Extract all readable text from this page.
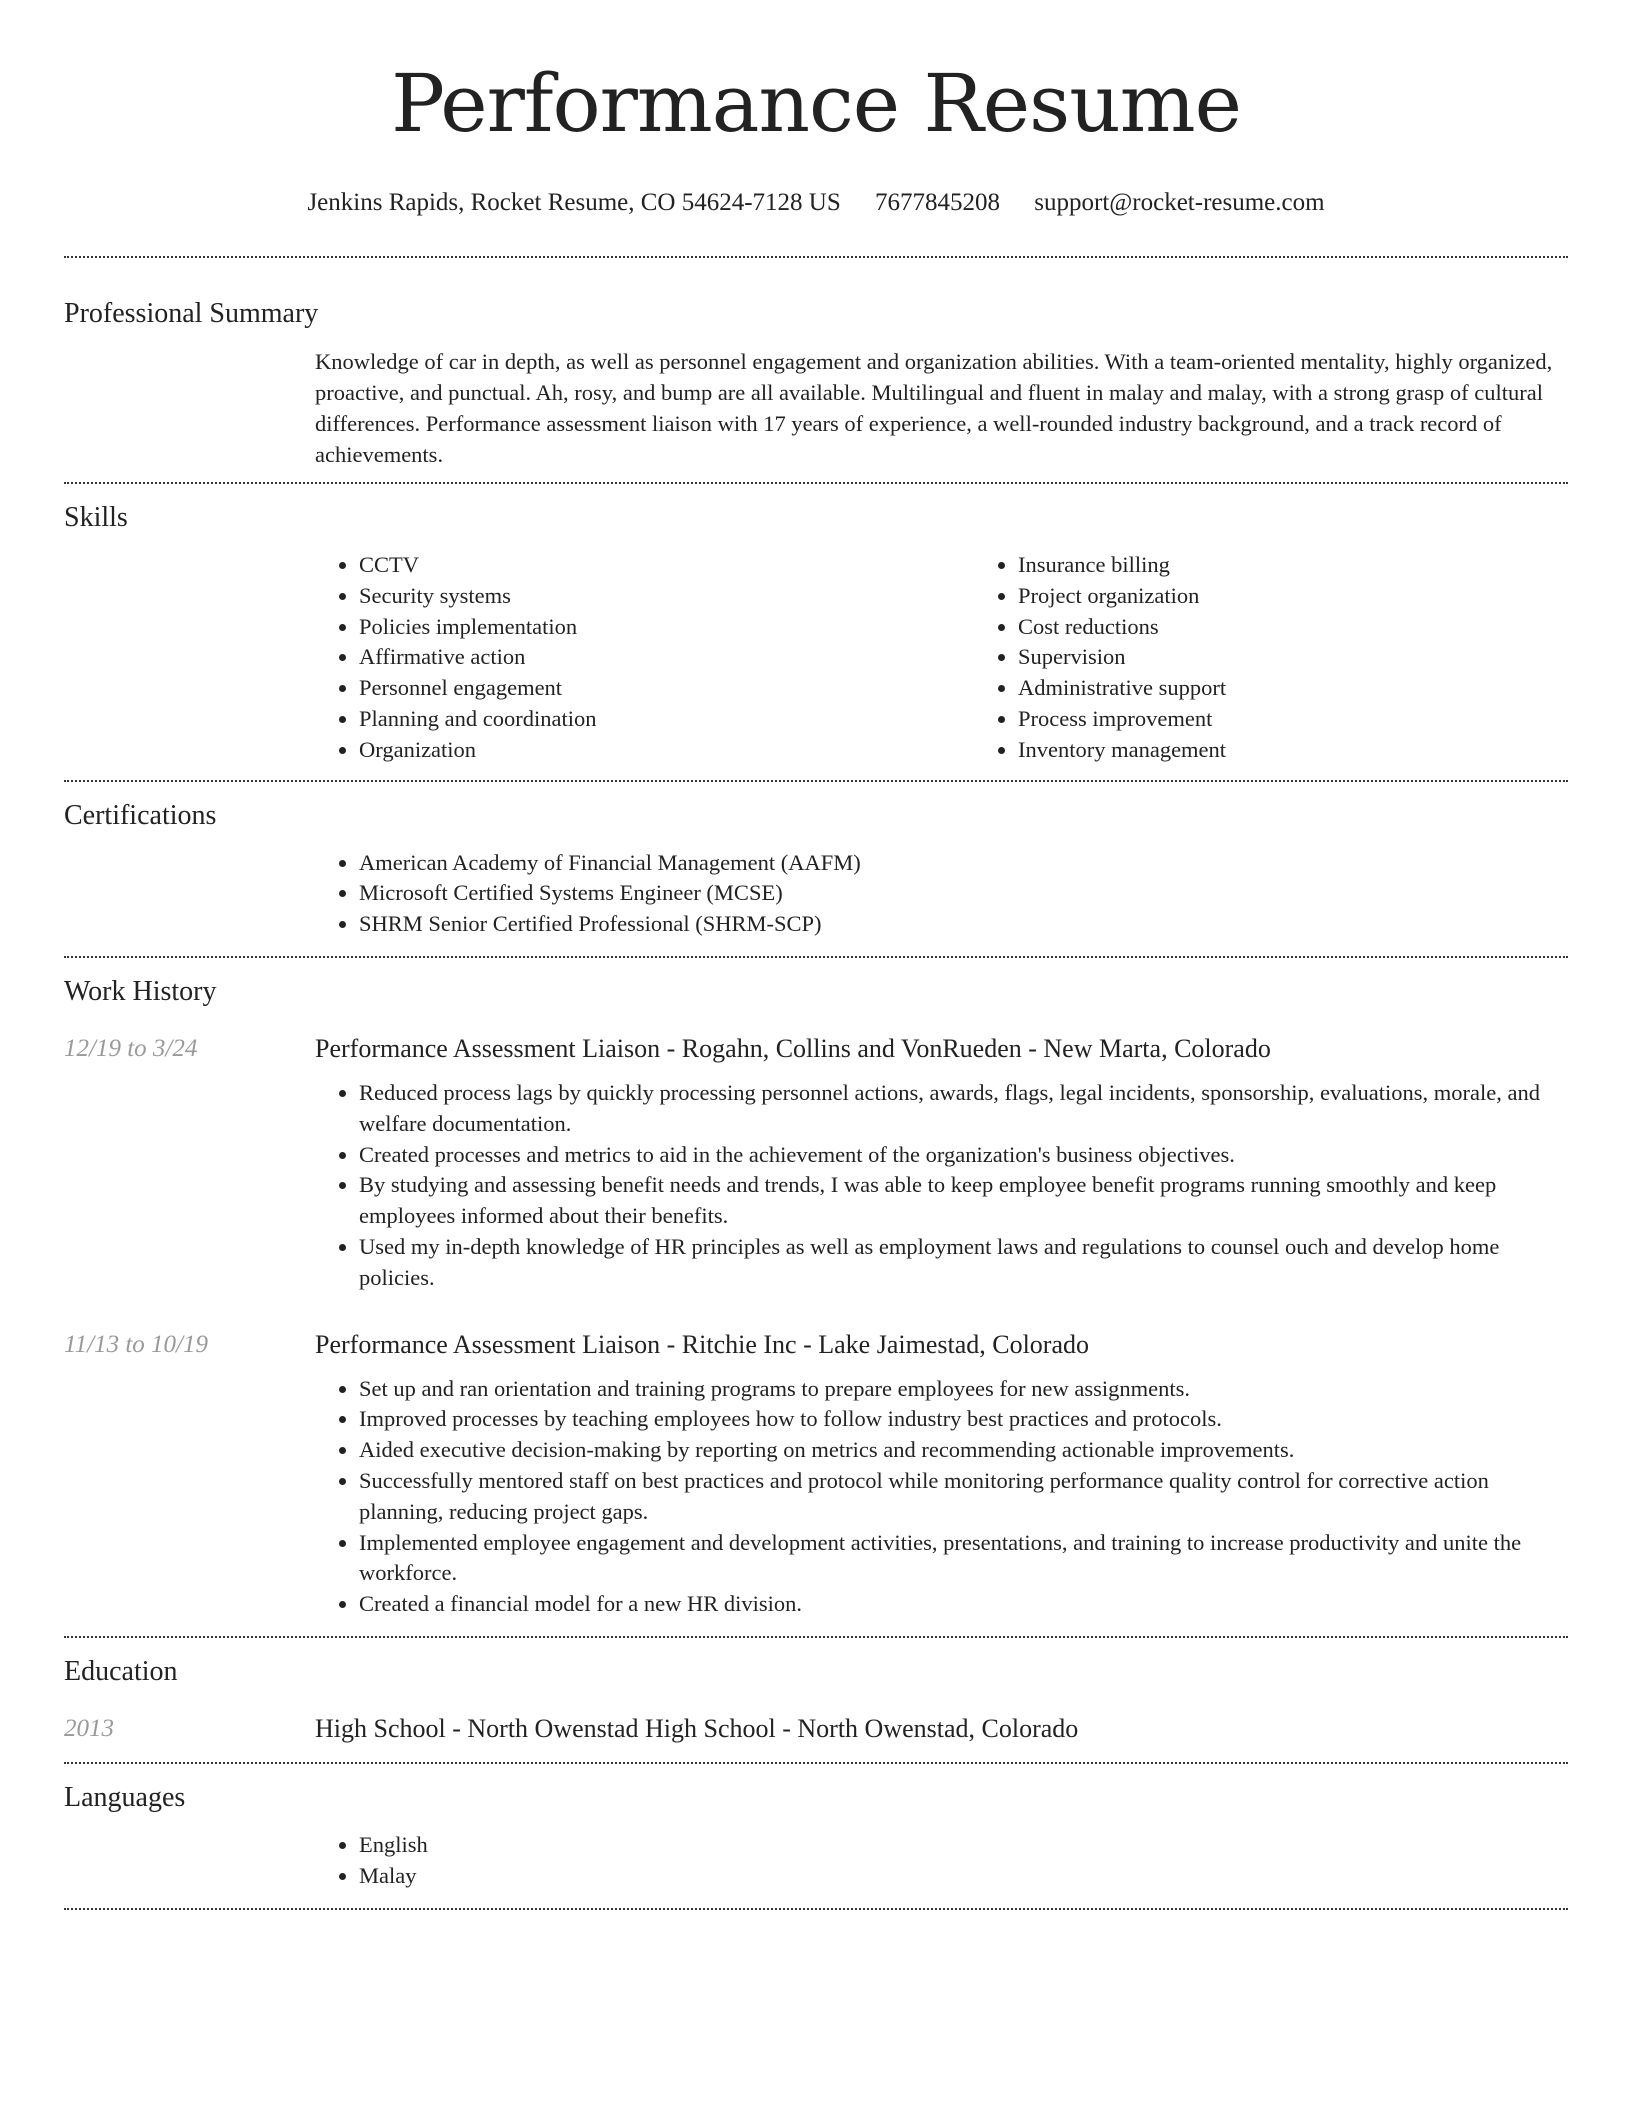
Performance Resume
Jenkins Rapids, Rocket Resume, CO 54624-7128 US 7677845208 support@rocket-resume.com
Professional Summary

Knowledge of car in depth, as well as personnel engagement and organization abilities. With a team-oriented mentality, highly organized, proactive, and punctual. Ah, rosy, and bump are all available. Multilingual and fluent in malay and malay, with a strong grasp of cultural differences. Performance assessment liaison with 17 years of experience, a well-rounded industry background, and a track record of achievements.

Skills
• CCTV
• Security systems
• Policies implementation
• Affirmative action
• Personnel engagement
• Planning and coordination
• Organization
• Insurance billing
• Project organization
• Cost reductions
• Supervision
• Administrative support
• Process improvement
• Inventory management
Certifications
• American Academy of Financial Management (AAFM)
• Microsoft Certified Systems Engineer (MCSE)
• SHRM Senior Certified Professional (SHRM-SCP)
Work History
12/19 to 3/24	Performance Assessment Liaison - Rogahn, Collins and VonRueden - New Marta, Colorado
• Reduced process lags by quickly processing personnel actions, awards, flags, legal incidents, sponsorship, evaluations, morale, and welfare documentation.
• Created processes and metrics to aid in the achievement of the organization's business objectives.
• By studying and assessing benefit needs and trends, I was able to keep employee benefit programs running smoothly and keep employees informed about their benefits.
• Used my in-depth knowledge of HR principles as well as employment laws and regulations to counsel ouch and develop home policies.
11/13 to 10/19	Performance Assessment Liaison - Ritchie Inc - Lake Jaimestad, Colorado
• Set up and ran orientation and training programs to prepare employees for new assignments.
• Improved processes by teaching employees how to follow industry best practices and protocols.
• Aided executive decision-making by reporting on metrics and recommending actionable improvements.
• Successfully mentored staff on best practices and protocol while monitoring performance quality control for corrective action planning, reducing project gaps.
• Implemented employee engagement and development activities, presentations, and training to increase productivity and unite the workforce.
• Created a financial model for a new HR division.
Education
2013	High School - North Owenstad High School - North Owenstad, Colorado
Languages
• English
• Malay
